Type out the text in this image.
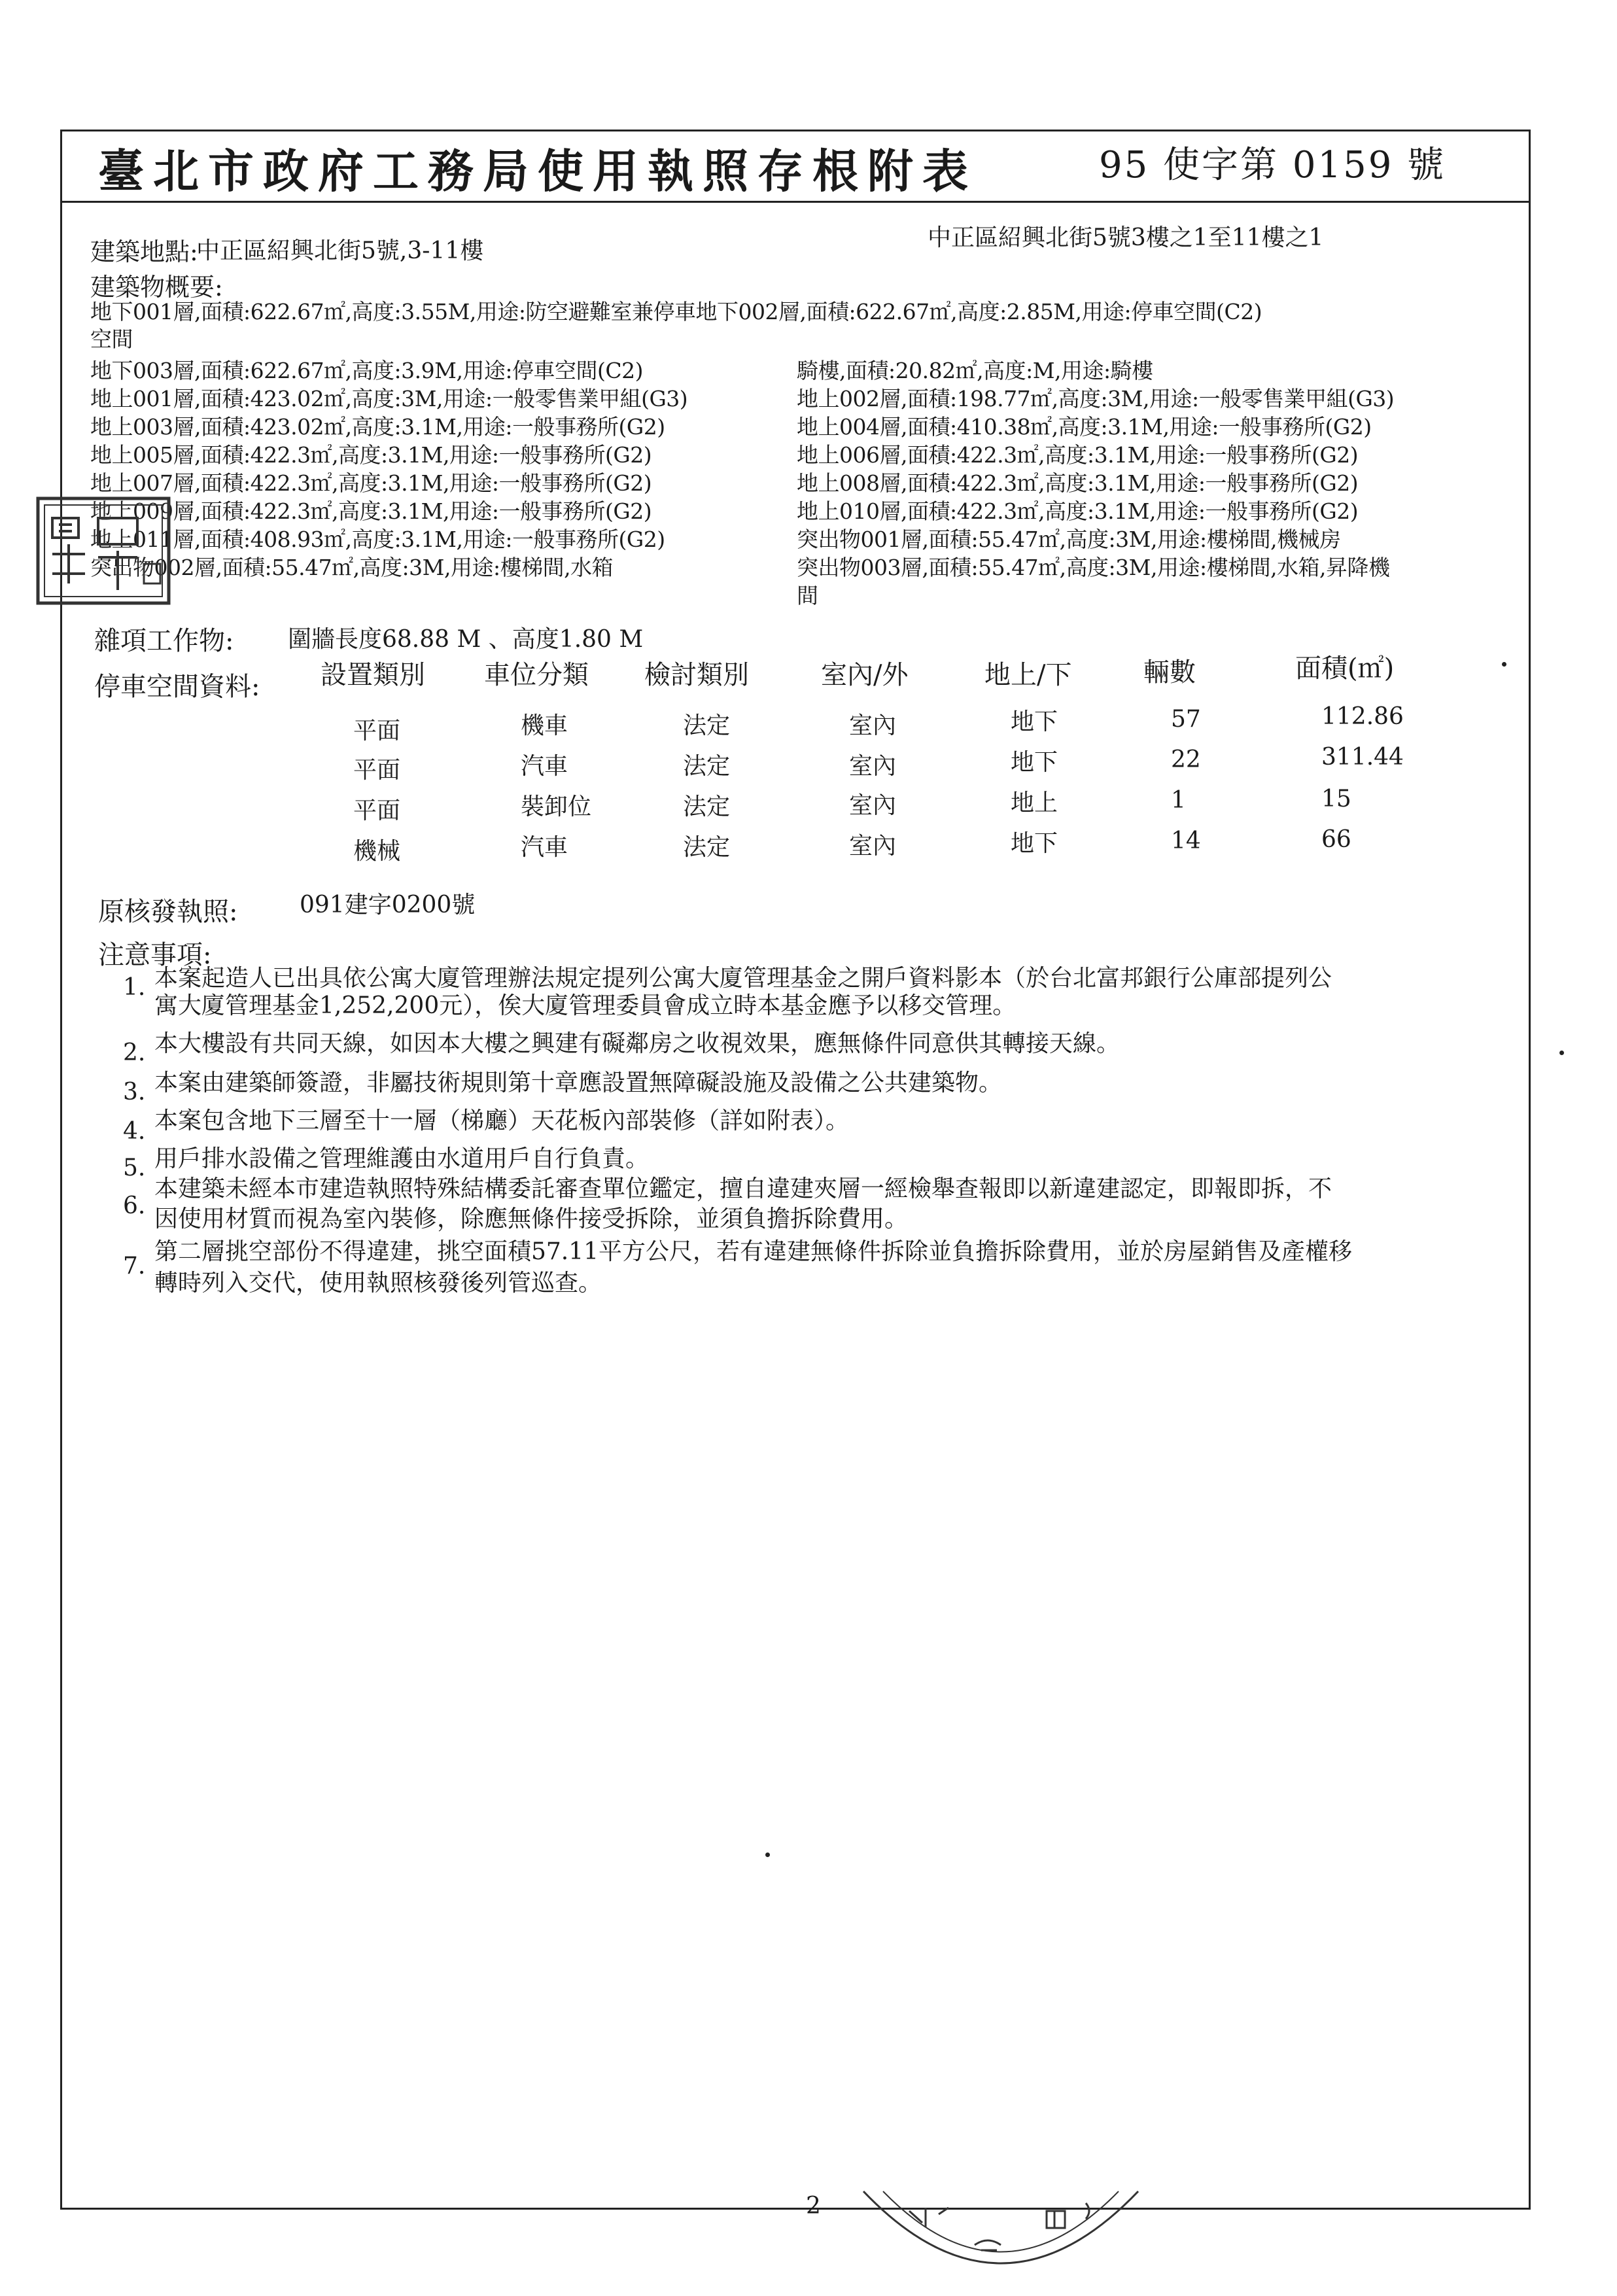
臺北市政府工務局使用執照存根附表	95 使字第 0159 號
建築地點:
中正區紹興北街5號,3-11樓	中正區紹興北街5號3樓之1至11樓之1
建築物概要:
地下001層,面積:622.67㎡,高度:3.55M,用途:防空避難室兼停車地下002層,面積:622.67㎡,高度:2.85M,用途:停車空間(C2)
空間
地下003層,面積:622.67㎡,高度:3.9M,用途:停車空間(C2)
地上001層,面積:423.02㎡,高度:3M,用途:一般零售業甲組(G3)
地上003層,面積:423.02㎡,高度:3.1M,用途:一般事務所(G2)
地上005層,面積:422.3㎡,高度:3.1M,用途:一般事務所(G2)
地上007層,面積:422.3㎡,高度:3.1M,用途:一般事務所(G2)
地上009層,面積:422.3㎡,高度:3.1M,用途:一般事務所(G2)
地上011層,面積:408.93㎡,高度:3.1M,用途:一般事務所(G2)
突出物002層,面積:55.47㎡,高度:3M,用途:樓梯間,水箱
騎樓,面積:20.82㎡,高度:M,用途:騎樓
地上002層,面積:198.77㎡,高度:3M,用途:一般零售業甲組(G3)
地上004層,面積:410.38㎡,高度:3.1M,用途:一般事務所(G2)
地上006層,面積:422.3㎡,高度:3.1M,用途:一般事務所(G2)
地上008層,面積:422.3㎡,高度:3.1M,用途:一般事務所(G2)
地上010層,面積:422.3㎡,高度:3.1M,用途:一般事務所(G2)
突出物001層,面積:55.47㎡,高度:3M,用途:樓梯間,機械房
突出物003層,面積:55.47㎡,高度:3M,用途:樓梯間,水箱,昇降機
間
雜項工作物: 圍牆長度68.88 M 、高度1.80 M
停車空間資料: 設置類別 車位分類 檢討類別	室內/外	地上/下	輛數	面積(㎡)
平面	機車	法定	室內	地下	57	112.86
平面	汽車	法定	室內	地下	22	311.44
平面	裝卸位	法定	室內	地上	1	15
機械	汽車	法定	室內	地下	14	66
原核發執照:	091建字0200號
注意事項:
1. 本案起造人已出具依公寓大廈管理辦法規定提列公寓大廈管理基金之開戶資料影本（於台北富邦銀行公庫部提列公
寓大廈管理基金1,252,200元），俟大廈管理委員會成立時本基金應予以移交管理。
2. 本大樓設有共同天線，如因本大樓之興建有礙鄰房之收視效果，應無條件同意供其轉接天線。
3. 本案由建築師簽證，非屬技術規則第十章應設置無障礙設施及設備之公共建築物。
4. 本案包含地下三層至十一層（梯廳）天花板內部裝修（詳如附表）。
5. 用戶排水設備之管理維護由水道用戶自行負責。
6.
本建築未經本市建造執照特殊結構委託審查單位鑑定，擅自違建夾層一經檢舉查報即以新違建認定，即報即拆，不
因使用材質而視為室內裝修，除應無條件接受拆除，並須負擔拆除費用。
7.
第二層挑空部份不得違建，挑空面積57.11平方公尺，若有違建無條件拆除並負擔拆除費用，並於房屋銷售及產權移
轉時列入交代，使用執照核發後列管巡查。
2
